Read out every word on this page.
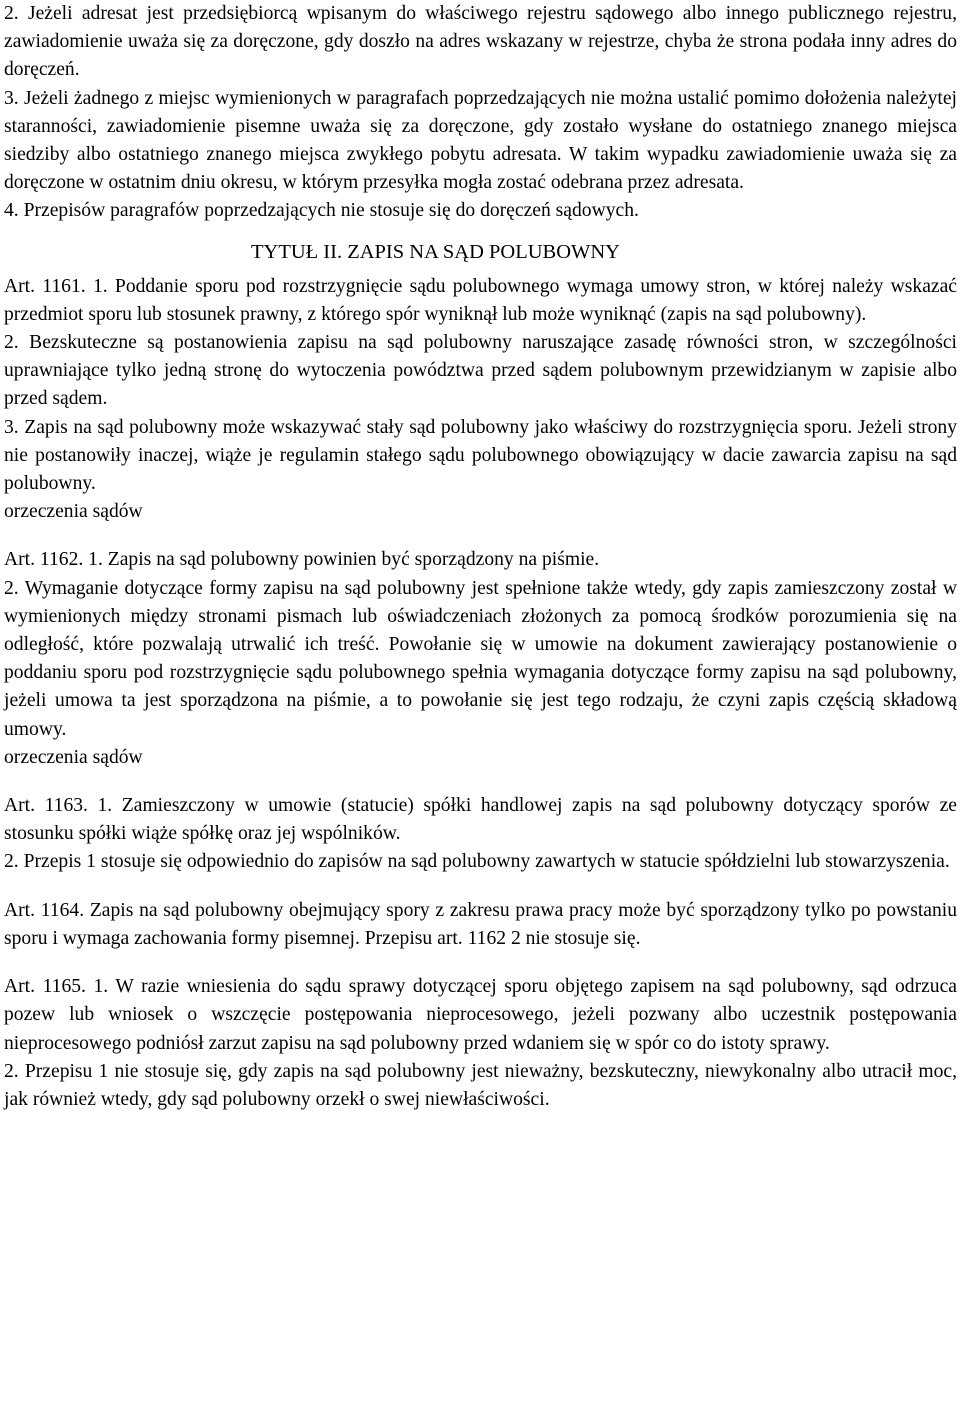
2. Jeżeli adresat jest przedsiębiorcą wpisanym do właściwego rejestru sądowego albo innego publicznego rejestru, zawiadomienie uważa się za doręczone, gdy doszło na adres wskazany w rejestrze, chyba że strona podała inny adres do doręczeń.

3. Jeżeli żadnego z miejsc wymienionych w paragrafach poprzedzających nie można ustalić pomimo dołożenia należytej staranności, zawiadomienie pisemne uważa się za doręczone, gdy zostało wysłane do ostatniego znanego miejsca siedziby albo ostatniego znanego miejsca zwykłego pobytu adresata. W takim wypadku zawiadomienie uważa się za doręczone w ostatnim dniu okresu, w którym przesyłka mogła zostać odebrana przez adresata.

4. Przepisów paragrafów poprzedzających nie stosuje się do doręczeń sądowych.

TYTUŁ II. ZAPIS NA SĄD POLUBOWNY

Art. 1161. 1. Poddanie sporu pod rozstrzygnięcie sądu polubownego wymaga umowy stron, w której należy wskazać przedmiot sporu lub stosunek prawny, z którego spór wyniknął lub może wyniknąć (zapis na sąd polubowny).

2. Bezskuteczne są postanowienia zapisu na sąd polubowny naruszające zasadę równości stron, w szczególności uprawniające tylko jedną stronę do wytoczenia powództwa przed sądem polubownym przewidzianym w zapisie albo przed sądem.

3. Zapis na sąd polubowny może wskazywać stały sąd polubowny jako właściwy do rozstrzygnięcia sporu. Jeżeli strony nie postanowiły inaczej, wiąże je regulamin stałego sądu polubownego obowiązujący w dacie zawarcia zapisu na sąd polubowny.

orzeczenia sądów

Art. 1162. 1. Zapis na sąd polubowny powinien być sporządzony na piśmie.

2. Wymaganie dotyczące formy zapisu na sąd polubowny jest spełnione także wtedy, gdy zapis zamieszczony został w wymienionych między stronami pismach lub oświadczeniach złożonych za pomocą środków porozumienia się na odległość, które pozwalają utrwalić ich treść. Powołanie się w umowie na dokument zawierający postanowienie o poddaniu sporu pod rozstrzygnięcie sądu polubownego spełnia wymagania dotyczące formy zapisu na sąd polubowny, jeżeli umowa ta jest sporządzona na piśmie, a to powołanie się jest tego rodzaju, że czyni zapis częścią składową umowy.

orzeczenia sądów

Art. 1163. 1. Zamieszczony w umowie (statucie) spółki handlowej zapis na sąd polubowny dotyczący sporów ze stosunku spółki wiąże spółkę oraz jej wspólników.

2. Przepis 1 stosuje się odpowiednio do zapisów na sąd polubowny zawartych w statucie spółdzielni lub stowarzyszenia.

Art. 1164. Zapis na sąd polubowny obejmujący spory z zakresu prawa pracy może być sporządzony tylko po powstaniu sporu i wymaga zachowania formy pisemnej. Przepisu art. 1162 2 nie stosuje się.

Art. 1165. 1. W razie wniesienia do sądu sprawy dotyczącej sporu objętego zapisem na sąd polubowny, sąd odrzuca pozew lub wniosek o wszczęcie postępowania nieprocesowego, jeżeli pozwany albo uczestnik postępowania nieprocesowego podniósł zarzut zapisu na sąd polubowny przed wdaniem się w spór co do istoty sprawy.

2. Przepisu 1 nie stosuje się, gdy zapis na sąd polubowny jest nieważny, bezskuteczny, niewykonalny albo utracił moc, jak również wtedy, gdy sąd polubowny orzekł o swej niewłaściwości.
